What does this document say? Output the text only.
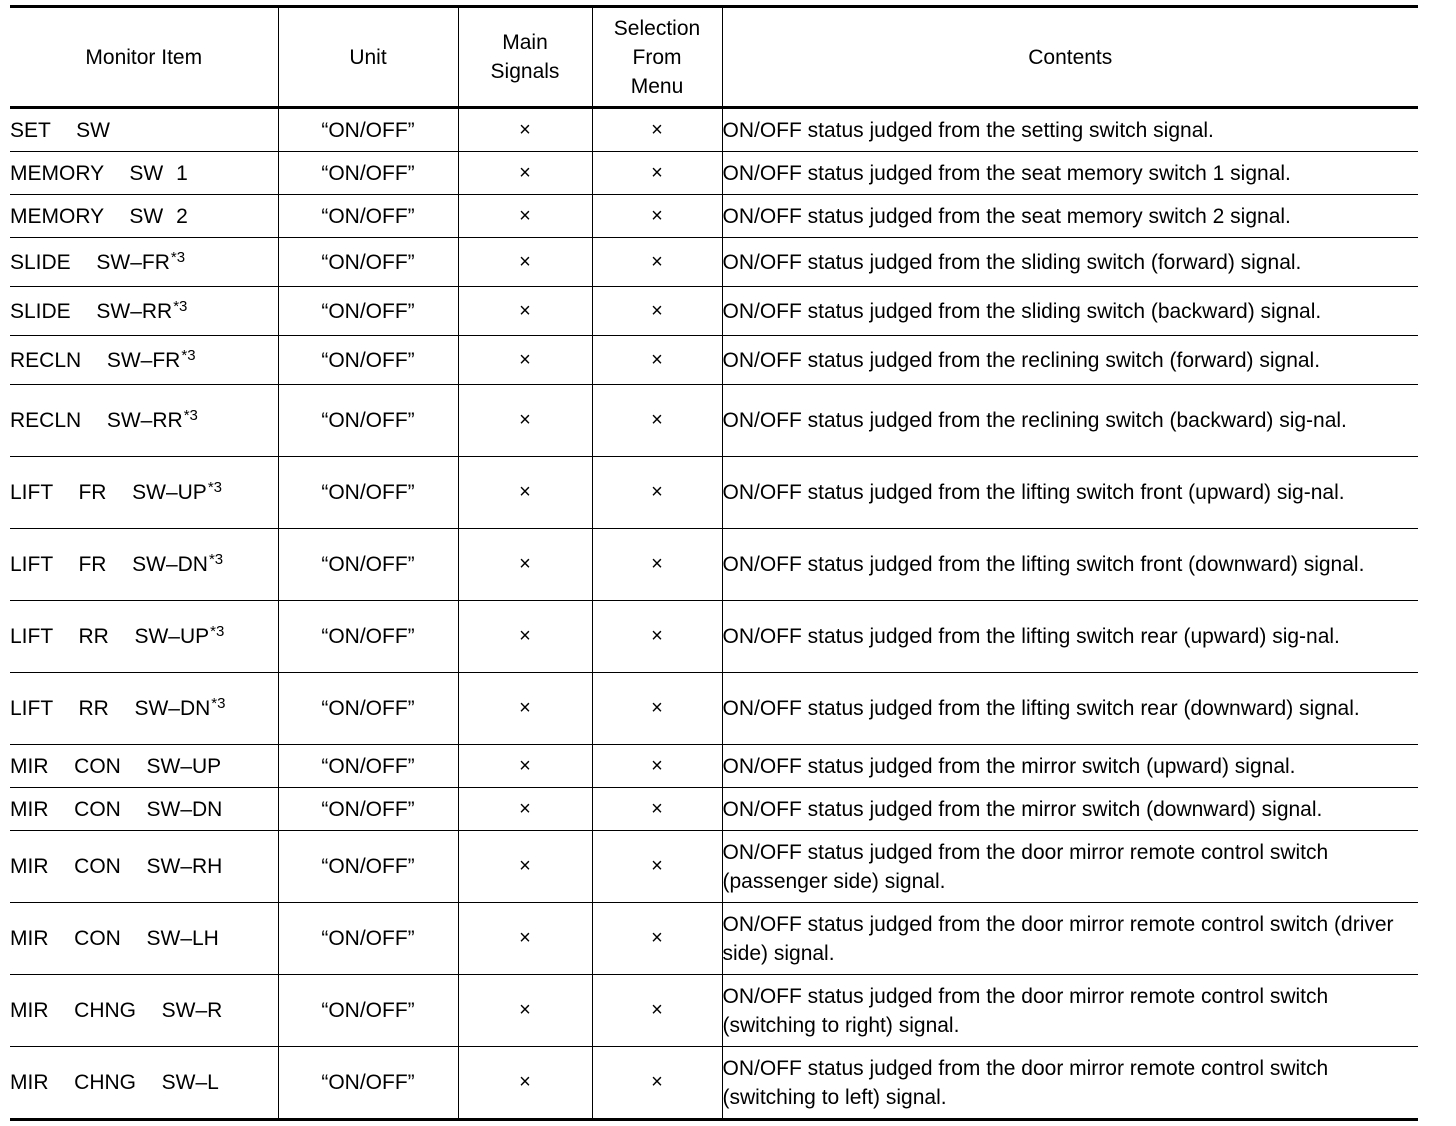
Monitor Item	Unit	Main Signals	Selection From Menu	Contents
SET  SW	“ON/OFF”	×	×	ON/OFF status judged from the setting switch signal.
MEMORY  SW 1	“ON/OFF”	×	×	ON/OFF status judged from the seat memory switch 1 signal.
MEMORY  SW 2	“ON/OFF”	×	×	ON/OFF status judged from the seat memory switch 2 signal.
SLIDE  SW–FR$^{*3}$	“ON/OFF”	×	×	ON/OFF status judged from the sliding switch (forward) signal.
SLIDE  SW–RR$^{*3}$	“ON/OFF”	×	×	ON/OFF status judged from the sliding switch (backward) signal.
RECLN  SW–FR$^{*3}$	“ON/OFF”	×	×	ON/OFF status judged from the reclining switch (forward) signal.
RECLN  SW–RR$^{*3}$	“ON/OFF”	×	×	ON/OFF status judged from the reclining switch (backward) sig-nal.
LIFT  FR  SW–UP$^{*3}$	“ON/OFF”	×	×	ON/OFF status judged from the lifting switch front (upward) sig-nal.
LIFT  FR  SW–DN$^{*3}$	“ON/OFF”	×	×	ON/OFF status judged from the lifting switch front (downward) signal.
LIFT  RR  SW–UP$^{*3}$	“ON/OFF”	×	×	ON/OFF status judged from the lifting switch rear (upward) sig-nal.
LIFT  RR  SW–DN$^{*3}$	“ON/OFF”	×	×	ON/OFF status judged from the lifting switch rear (downward) signal.
MIR  CON  SW–UP	“ON/OFF”	×	×	ON/OFF status judged from the mirror switch (upward) signal.
MIR  CON  SW–DN	“ON/OFF”	×	×	ON/OFF status judged from the mirror switch (downward) signal.
MIR  CON  SW–RH	“ON/OFF”	×	×	ON/OFF status judged from the door mirror remote control switch (passenger side) signal.
MIR  CON  SW–LH	“ON/OFF”	×	×	ON/OFF status judged from the door mirror remote control switch (driver side) signal.
MIR  CHNG  SW–R	“ON/OFF”	×	×	ON/OFF status judged from the door mirror remote control switch (switching to right) signal.
MIR  CHNG  SW–L	“ON/OFF”	×	×	ON/OFF status judged from the door mirror remote control switch (switching to left) signal.
